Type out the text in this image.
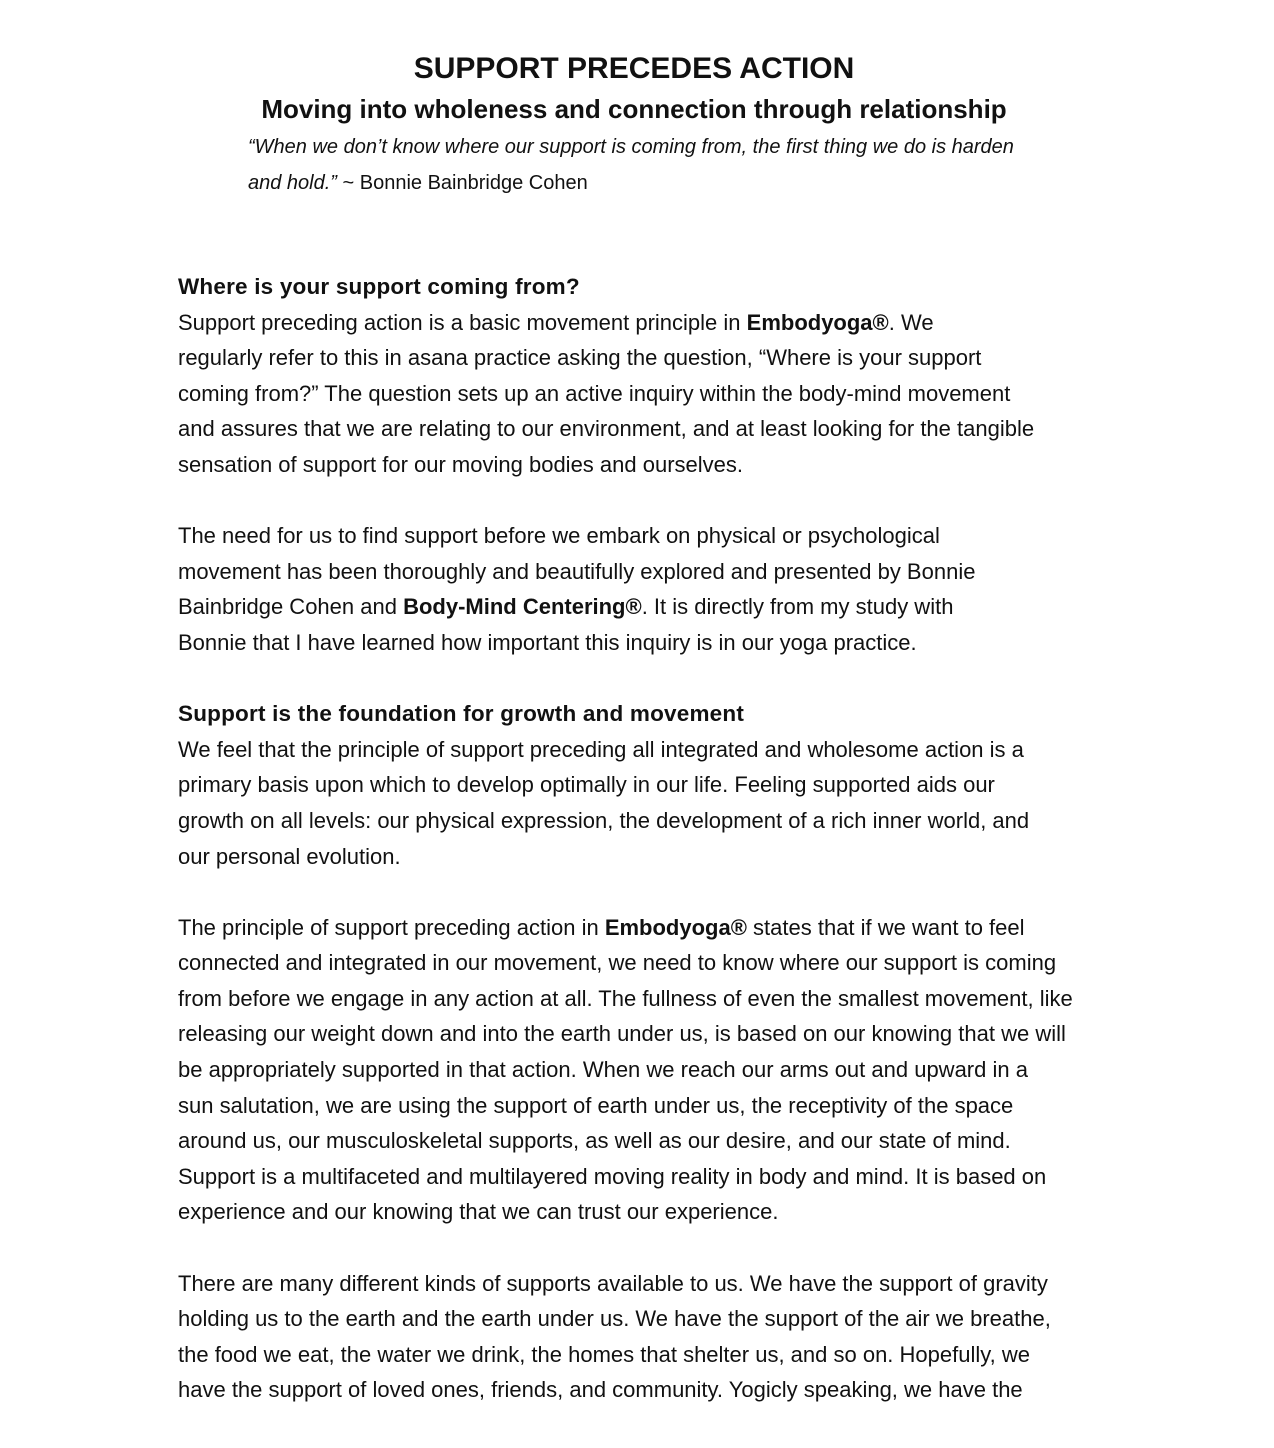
SUPPORT PRECEDES ACTION
Moving into wholeness and connection through relationship
“When we don’t know where our support is coming from, the first thing we do is harden
and hold.” ~ Bonnie Bainbridge Cohen
Where is your support coming from?
Support preceding action is a basic movement principle in Embodyoga®. We
regularly refer to this in asana practice asking the question, “Where is your support
coming from?” The question sets up an active inquiry within the body-mind movement
and assures that we are relating to our environment, and at least looking for the tangible
sensation of support for our moving bodies and ourselves.
The need for us to find support before we embark on physical or psychological
movement has been thoroughly and beautifully explored and presented by Bonnie
Bainbridge Cohen and Body-Mind Centering®. It is directly from my study with
Bonnie that I have learned how important this inquiry is in our yoga practice.
Support is the foundation for growth and movement
We feel that the principle of support preceding all integrated and wholesome action is a
primary basis upon which to develop optimally in our life. Feeling supported aids our
growth on all levels: our physical expression, the development of a rich inner world, and
our personal evolution.
The principle of support preceding action in Embodyoga® states that if we want to feel
connected and integrated in our movement, we need to know where our support is coming
from before we engage in any action at all. The fullness of even the smallest movement, like
releasing our weight down and into the earth under us, is based on our knowing that we will
be appropriately supported in that action. When we reach our arms out and upward in a
sun salutation, we are using the support of earth under us, the receptivity of the space
around us, our musculoskeletal supports, as well as our desire, and our state of mind.
Support is a multifaceted and multilayered moving reality in body and mind. It is based on
experience and our knowing that we can trust our experience.
There are many different kinds of supports available to us. We have the support of gravity
holding us to the earth and the earth under us. We have the support of the air we breathe,
the food we eat, the water we drink, the homes that shelter us, and so on. Hopefully, we
have the support of loved ones, friends, and community. Yogicly speaking, we have the
